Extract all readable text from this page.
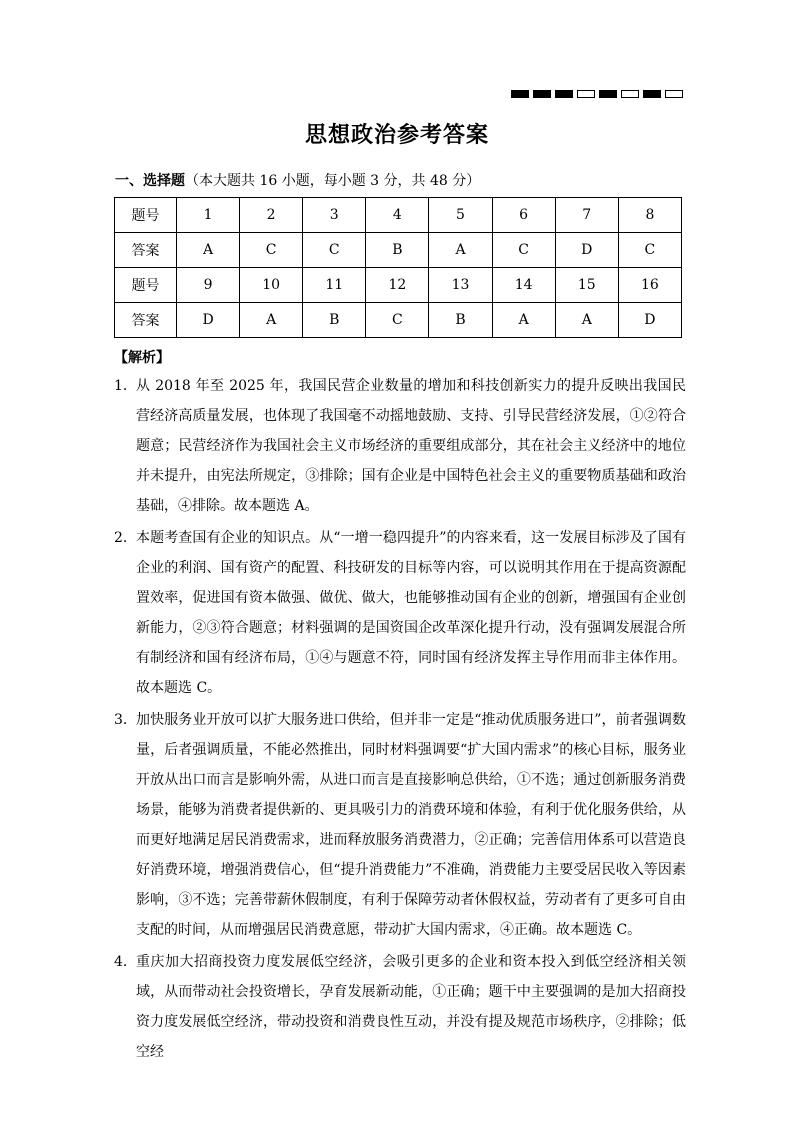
思想政治参考答案
一、选择题（本大题共 16 小题，每小题 3 分，共 48 分）
题号	1	2	3	4	5	6	7	8
答案	A	C	C	B	A	C	D	C
题号	9	10	11	12	13	14	15	16
答案	D	A	B	C	B	A	A	D
【解析】
1． 从 2018 年至 2025 年，我国民营企业数量的增加和科技创新实力的提升反映出我国民营经济高质量发展，也体现了我国毫不动摇地鼓励、支持、引导民营经济发展，①②符合题意；民营经济作为我国社会主义市场经济的重要组成部分，其在社会主义经济中的地位并未提升，由宪法所规定，③排除；国有企业是中国特色社会主义的重要物质基础和政治基础，④排除。故本题选 A。
2． 本题考查国有企业的知识点。从“一增一稳四提升”的内容来看，这一发展目标涉及了国有企业的利润、国有资产的配置、科技研发的目标等内容，可以说明其作用在于提高资源配置效率，促进国有资本做强、做优、做大，也能够推动国有企业的创新，增强国有企业创新能力，②③符合题意；材料强调的是国资国企改革深化提升行动，没有强调发展混合所有制经济和国有经济布局，①④与题意不符，同时国有经济发挥主导作用而非主体作用。故本题选 C。
3． 加快服务业开放可以扩大服务进口供给，但并非一定是“推动优质服务进口”，前者强调数量，后者强调质量，不能必然推出，同时材料强调要“扩大国内需求”的核心目标，服务业开放从出口而言是影响外需，从进口而言是直接影响总供给，①不选；通过创新服务消费场景，能够为消费者提供新的、更具吸引力的消费环境和体验，有利于优化服务供给，从而更好地满足居民消费需求，进而释放服务消费潜力，②正确；完善信用体系可以营造良好消费环境，增强消费信心，但“提升消费能力”不准确，消费能力主要受居民收入等因素影响，③不选；完善带薪休假制度，有利于保障劳动者休假权益，劳动者有了更多可自由支配的时间，从而增强居民消费意愿，带动扩大国内需求，④正确。故本题选 C。
4． 重庆加大招商投资力度发展低空经济，会吸引更多的企业和资本投入到低空经济相关领域，从而带动社会投资增长，孕育发展新动能，①正确；题干中主要强调的是加大招商投资力度发展低空经济，带动投资和消费良性互动，并没有提及规范市场秩序，②排除；低空经
